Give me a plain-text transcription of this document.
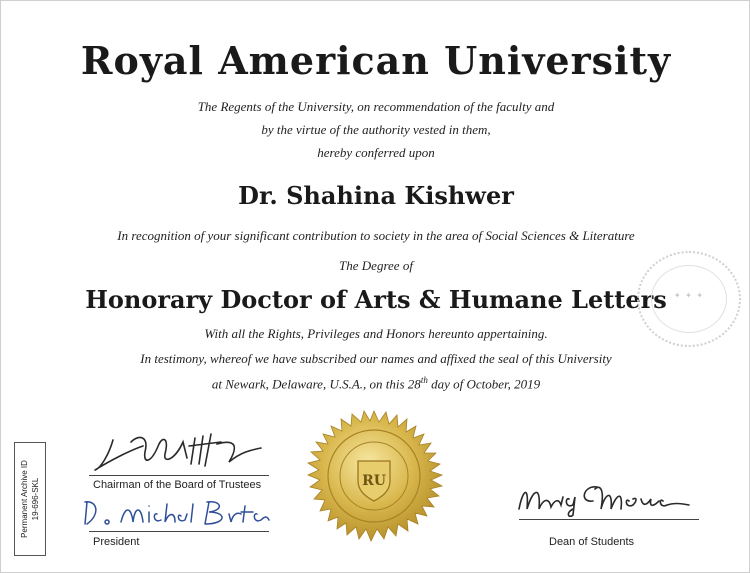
Royal American University
The Regents of the University, on recommendation of the faculty and
by the virtue of the authority vested in them,
hereby conferred upon
Dr. Shahina Kishwer
In recognition of your significant contribution to society in the area of Social Sciences & Literature
The Degree of
Honorary Doctor of Arts & Humane Letters
With all the Rights, Privileges and Honors hereunto appertaining.
In testimony, whereof we have subscribed our names and affixed the seal of this University
at Newark, Delaware, U.S.A., on this 28th day of October, 2019
✦ ✦ ✦
Chairman of the Board of Trustees
President	Dean of Students
RU
Permanent Archive ID 19-696-SKL
